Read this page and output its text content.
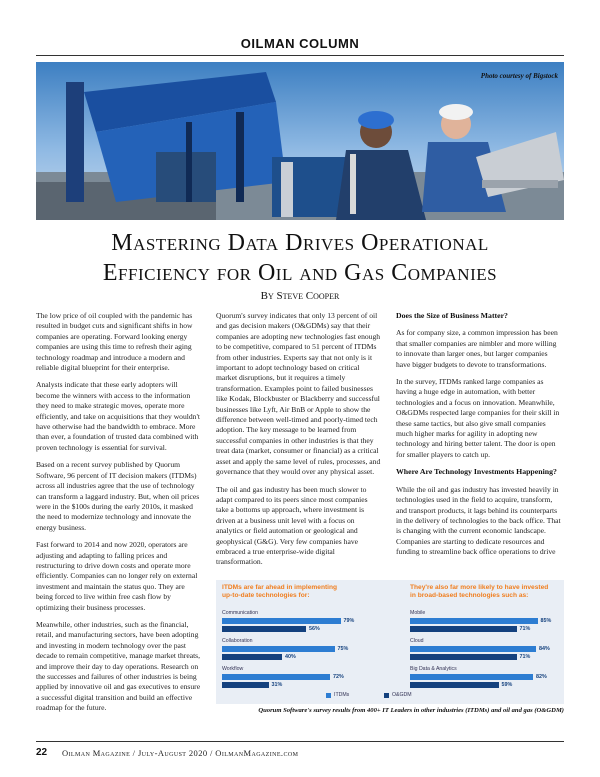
OILMAN COLUMN
Photo courtesy of Bigstock
Mastering Data Drives Operational
Efficiency for Oil and Gas Companies
By Steve Cooper

The low price of oil coupled with the pandemic has resulted in budget cuts and significant shifts in how companies are operating. Forward looking energy companies are using this time to refresh their aging technology roadmap and introduce a modern and reliable digital blueprint for their enterprise.

Analysts indicate that these early adopters will become the winners with access to the information they need to make strategic moves, operate more efficiently, and take on acquisitions that they wouldn't have otherwise had the bandwidth to embrace. More than ever, a foundation of trusted data combined with proven technology is essential for survival.

Based on a recent survey published by Quorum Software, 96 percent of IT decision makers (ITDMs) across all industries agree that the use of technology can transform a laggard industry. But, when oil prices were in the $100s during the early 2010s, it masked the need to modernize technology and innovate the energy business.

Fast forward to 2014 and now 2020, operators are adjusting and adapting to falling prices and restructuring to drive down costs and operate more efficiently. Companies can no longer rely on external investment and maintain the status quo. They are being forced to live within free cash flow by optimizing their business processes.

Meanwhile, other industries, such as the financial, retail, and manufacturing sectors, have been adopting and investing in modern technology over the past decade to remain competitive, manage market threats, and improve their day to day operations. Research on the successes and failures of other industries is being applied by innovative oil and gas executives to ensure a successful digital transition and build an effective roadmap for the future.

Quorum's survey indicates that only 13 percent of oil and gas decision makers (O&GDMs) say that their companies are adopting new technologies fast enough to be competitive, compared to 51 percent of ITDMs from other industries. Experts say that not only is it important to adopt technology based on critical market disruptions, but it requires a timely transformation. Examples point to failed businesses like Kodak, Blockbuster or Blackberry and successful businesses like Lyft, Air BnB or Apple to show the difference between well-timed and poorly-timed tech adoption. The key message to be learned from successful companies in other industries is that they treat data (market, consumer or financial) as a critical asset and apply the same level of rules, processes, and governance that they would over any physical asset.

The oil and gas industry has been much slower to adapt compared to its peers since most companies take a bottoms up approach, where investment is driven at a business unit level with a focus on analytics or field automation or geological and geophysical (G&G). Very few companies have embraced a true enterprise-wide digital transformation.

Does the Size of Business Matter?

As for company size, a common impression has been that smaller companies are nimbler and more willing to innovate than larger ones, but larger companies have bigger budgets to devote to transformations.

In the survey, ITDMs ranked large companies as having a huge edge in automation, with better technologies and a focus on innovation. Meanwhile, O&GDMs respected large companies for their skill in these same tactics, but also give small companies much higher marks for agility in adopting new technology and hiring better talent. The door is open for smaller players to catch up.

Where Are Technology Investments Happening?

While the oil and gas industry has invested heavily in technologies used in the field to acquire, transform, and transport products, it lags behind its counterparts in the delivery of technologies to the back office. That is changing with the current economic landscape. Companies are starting to dedicate resources and funding to streamline back office operations to drive

ITDMs are far ahead in implementing
up-to-date technologies for:
Communication
79%
56%
Collaboration
75%
40%
Workflow
72%
31%
They're also far more likely to have invested
in broad-based technologies such as:
Mobile
85%
71%
Cloud
84%
71%
Big Data & Analytics
82%
59%
ITDMs	O&GDM
Quorum Software's survey results from 400+ IT Leaders in other industries (ITDMs) and oil and gas (O&GDM)
22 Oilman Magazine / July-August 2020 / OilmanMagazine.com
